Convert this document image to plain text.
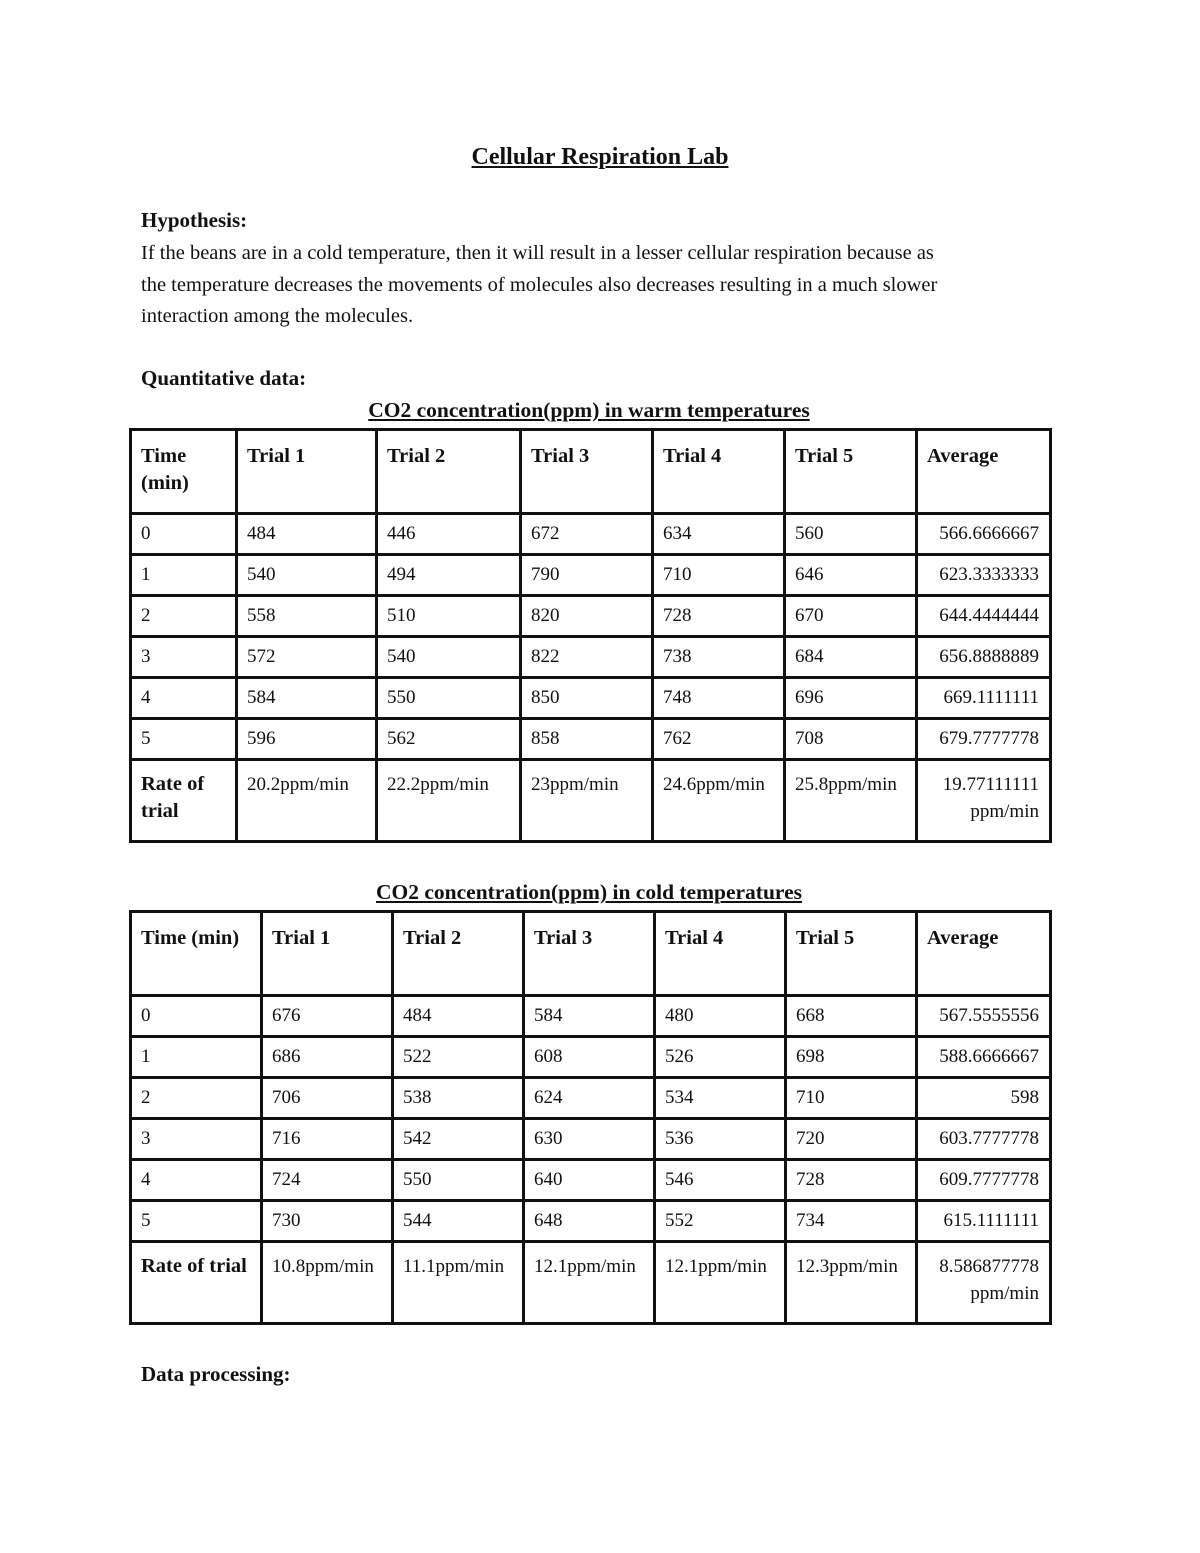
Cellular Respiration Lab
Hypothesis:
If the beans are in a cold temperature, then it will result in a lesser cellular respiration because as
the temperature decreases the movements of molecules also decreases resulting in a much slower
interaction among the molecules.
Quantitative data:
CO2 concentration(ppm) in warm temperatures
Time (min)	Trial 1	Trial 2	Trial 3	Trial 4	Trial 5	Average
0	484	446	672	634	560	566.6666667
1	540	494	790	710	646	623.3333333
2	558	510	820	728	670	644.4444444
3	572	540	822	738	684	656.8888889
4	584	550	850	748	696	669.1111111
5	596	562	858	762	708	679.7777778
Rate of trial	20.2ppm/min	22.2ppm/min	23ppm/min	24.6ppm/min	25.8ppm/min	19.77111111 ppm/min
CO2 concentration(ppm) in cold temperatures
Time (min)	Trial 1	Trial 2	Trial 3	Trial 4	Trial 5	Average
0	676	484	584	480	668	567.5555556
1	686	522	608	526	698	588.6666667
2	706	538	624	534	710	598
3	716	542	630	536	720	603.7777778
4	724	550	640	546	728	609.7777778
5	730	544	648	552	734	615.1111111
Rate of trial	10.8ppm/min	11.1ppm/min	12.1ppm/min	12.1ppm/min	12.3ppm/min	8.586877778 ppm/min
Data processing:
